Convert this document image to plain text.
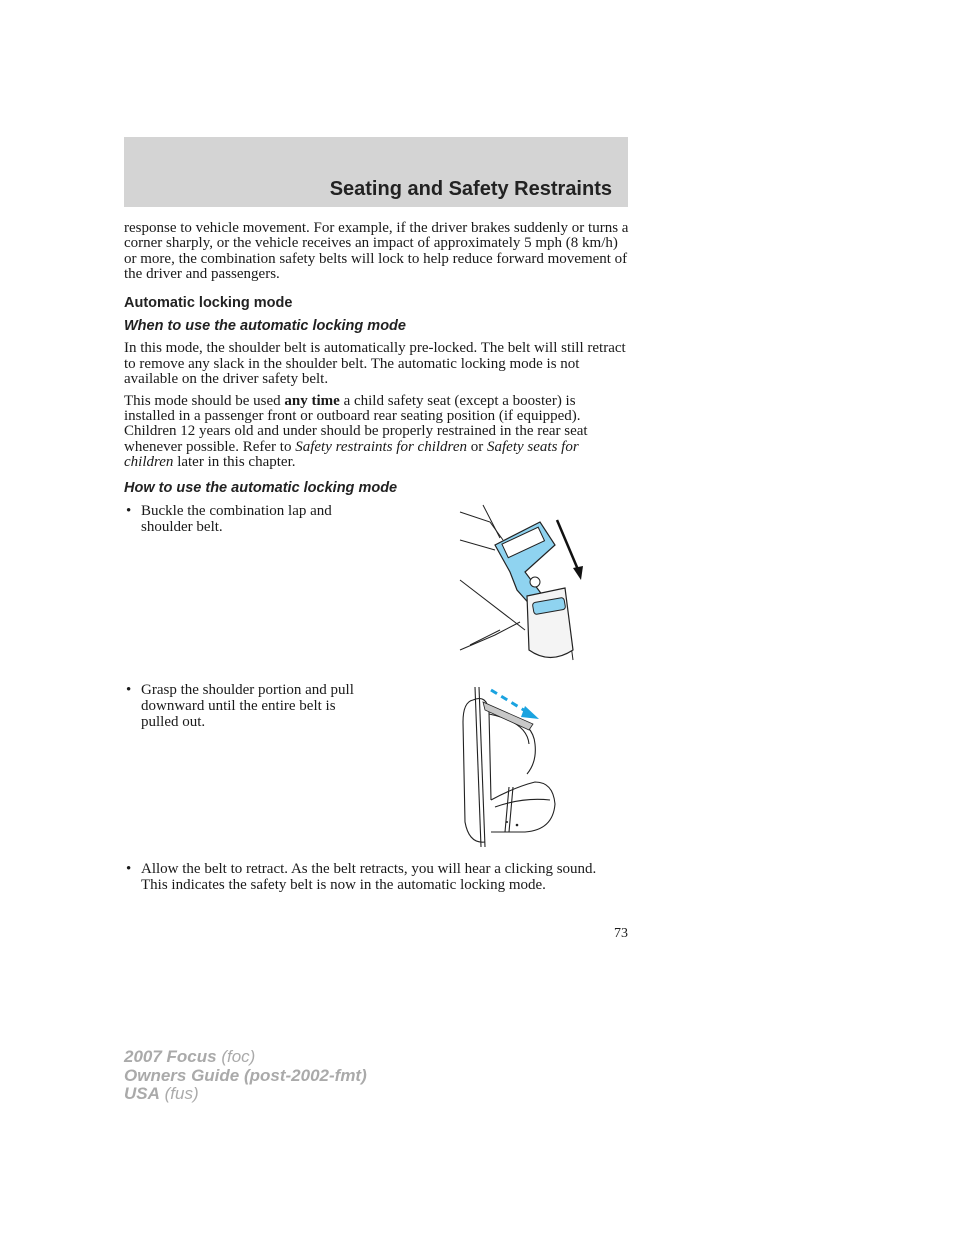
Seating and Safety Restraints

response to vehicle movement. For example, if the driver brakes suddenly or turns a corner sharply, or the vehicle receives an impact of approximately 5 mph (8 km/h) or more, the combination safety belts will lock to help reduce forward movement of the driver and passengers.

Automatic locking mode
When to use the automatic locking mode

In this mode, the shoulder belt is automatically pre-locked. The belt will still retract to remove any slack in the shoulder belt. The automatic locking mode is not available on the driver safety belt.

This mode should be used any time a child safety seat (except a booster) is installed in a passenger front or outboard rear seating position (if equipped). Children 12 years old and under should be properly restrained in the rear seat whenever possible. Refer to Safety restraints for children or Safety seats for children later in this chapter.

How to use the automatic locking mode
• Buckle the combination lap and shoulder belt.
• Grasp the shoulder portion and pull downward until the entire belt is pulled out.
• Allow the belt to retract. As the belt retracts, you will hear a clicking sound. This indicates the safety belt is now in the automatic locking mode.
73
2007 Focus (foc)
Owners Guide (post-2002-fmt)
USA (fus)
